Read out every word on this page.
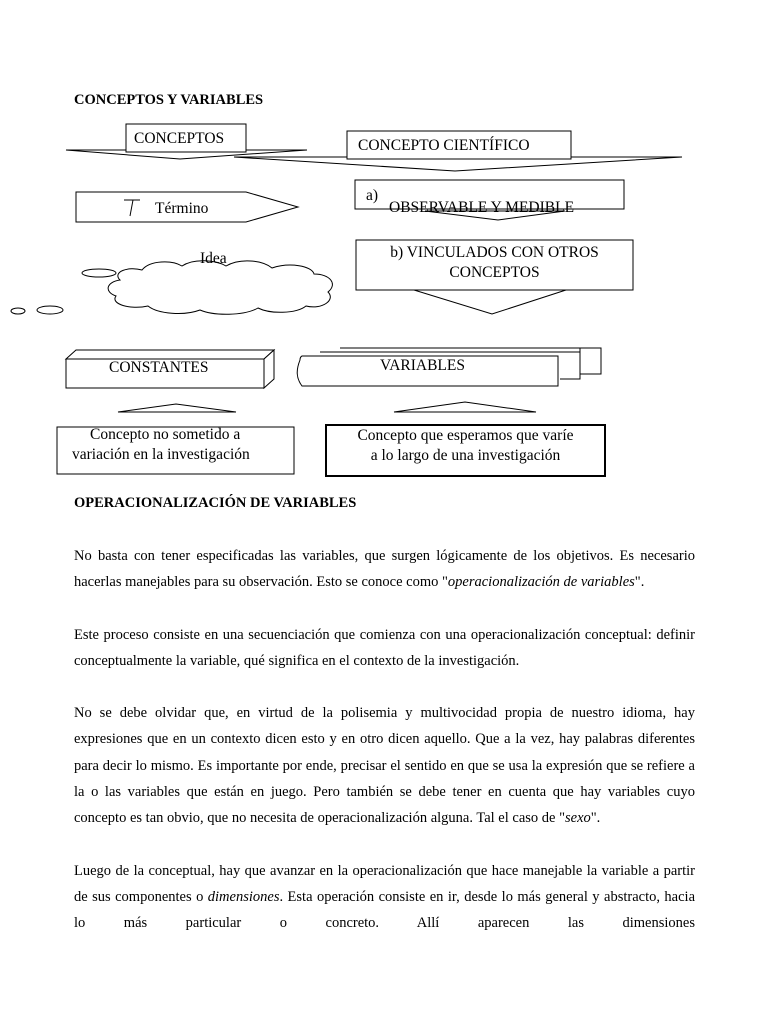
CONCEPTOS Y VARIABLES
CONCEPTOS	CONCEPTO CIENTÍFICO
Término
a)
OBSERVABLE Y MEDIBLE
Idea	b) VINCULADOS CON OTROS
CONCEPTOS
CONSTANTES	VARIABLES
Concepto no sometido a
variación en la investigación
Concepto que esperamos que varíe
a lo largo de una investigación
OPERACIONALIZACIÓN DE VARIABLES

No basta con tener especificadas las variables, que surgen lógicamente de los objetivos. Es necesario hacerlas manejables para su observación. Esto se conoce como "operacionalización de variables".

Este proceso consiste en una secuenciación que comienza con una operacionalización conceptual: definir conceptualmente la variable, qué significa en el contexto de la investigación.

No se debe olvidar que, en virtud de la polisemia y multivocidad propia de nuestro idioma, hay expresiones que en un contexto dicen esto y en otro dicen aquello. Que a la vez, hay palabras diferentes para decir lo mismo. Es importante por ende, precisar el sentido en que se usa la expresión que se refiere a la o las variables que están en juego. Pero también se debe tener en cuenta que hay variables cuyo concepto es tan obvio, que no necesita de operacionalización alguna. Tal el caso de "sexo".

Luego de la conceptual, hay que avanzar en la operacionalización que hace manejable la variable a partir de sus componentes o dimensiones. Esta operación consiste en ir, desde lo más general y abstracto, hacia lo más particular o concreto. Allí aparecen las dimensiones
